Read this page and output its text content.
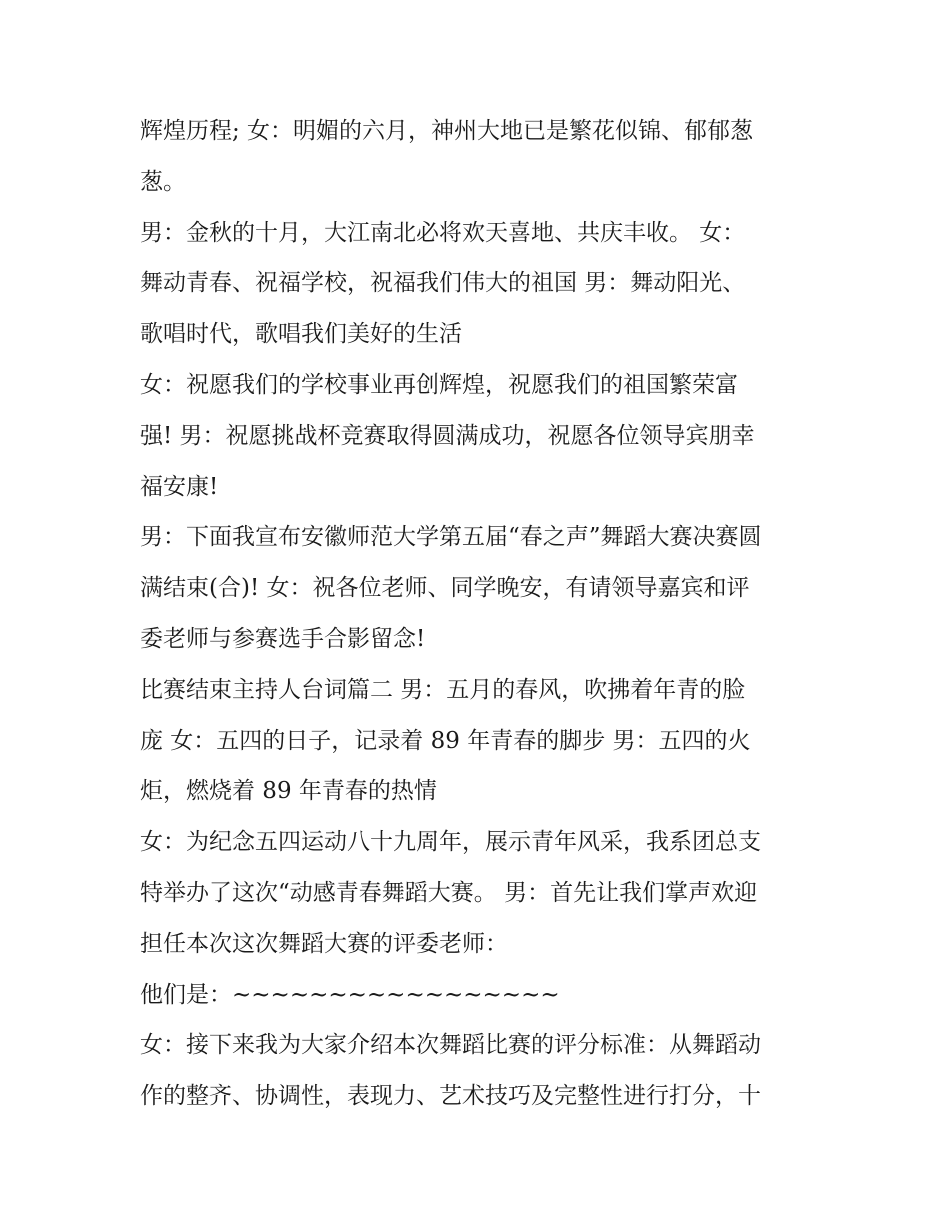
辉煌历程; 女：明媚的六月，神州大地已是繁花似锦、郁郁葱
葱。
男：金秋的十月，大江南北必将欢天喜地、共庆丰收。 女：
舞动青春、祝福学校，祝福我们伟大的祖国 男：舞动阳光、
歌唱时代，歌唱我们美好的生活
女：祝愿我们的学校事业再创辉煌，祝愿我们的祖国繁荣富
强! 男：祝愿挑战杯竞赛取得圆满成功，祝愿各位领导宾朋幸
福安康!
男：下面我宣布安徽师范大学第五届“春之声”舞蹈大赛决赛圆
满结束(合)! 女：祝各位老师、同学晚安，有请领导嘉宾和评
委老师与参赛选手合影留念!
比赛结束主持人台词篇二 男：五月的春风，吹拂着年青的脸
庞 女：五四的日子，记录着 89 年青春的脚步 男：五四的火
炬，燃烧着 89 年青春的热情
女：为纪念五四运动八十九周年，展示青年风采，我系团总支
特举办了这次“动感青春舞蹈大赛。 男：首先让我们掌声欢迎
担任本次这次舞蹈大赛的评委老师：
他们是：~~~~~~~~~~~~~~~~~
女：接下来我为大家介绍本次舞蹈比赛的评分标准：从舞蹈动
作的整齐、协调性，表现力、艺术技巧及完整性进行打分，十
